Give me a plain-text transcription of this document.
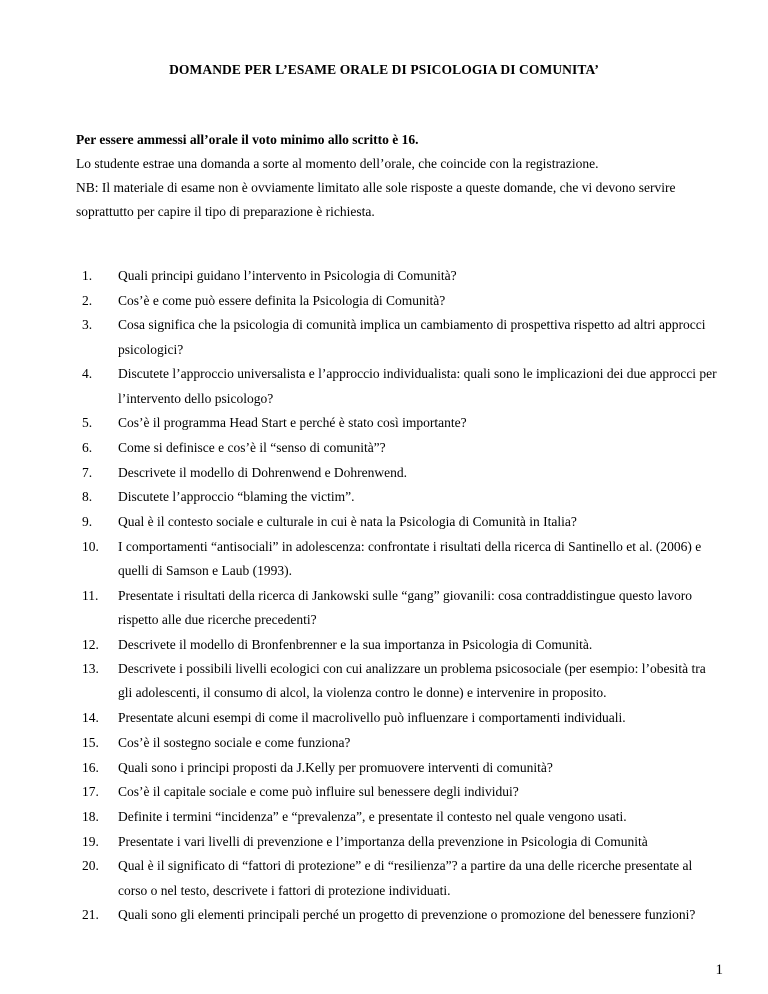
DOMANDE PER L’ESAME ORALE DI PSICOLOGIA DI COMUNITA’

Per essere ammessi all’orale il voto minimo allo scritto è 16.

Lo studente estrae una domanda a sorte al momento dell’orale, che coincide con la registrazione.

NB: Il materiale di esame non è ovviamente limitato alle sole risposte a queste domande, che vi devono servire soprattutto per capire il tipo di preparazione è richiesta.

1.	Quali principi guidano l’intervento in Psicologia di Comunità?
2.	Cos’è e come può essere definita la Psicologia di Comunità?
3.	Cosa significa che la psicologia di comunità implica un cambiamento di prospettiva rispetto ad altri approcci psicologici?
4.	Discutete l’approccio universalista e l’approccio individualista: quali sono le implicazioni dei due approcci per l’intervento dello psicologo?
5.	Cos’è il programma Head Start e perché è stato così importante?
6.	Come si definisce e cos’è il “senso di comunità”?
7.	Descrivete il modello di Dohrenwend e Dohrenwend.
8.	Discutete l’approccio “blaming the victim”.
9.	Qual è il contesto sociale e culturale in cui è nata la Psicologia di Comunità in Italia?
10.	I comportamenti “antisociali” in adolescenza: confrontate i risultati della ricerca di Santinello et al. (2006) e quelli di Samson e Laub (1993).
11.	Presentate i risultati della ricerca di Jankowski sulle “gang” giovanili: cosa contraddistingue questo lavoro rispetto alle due ricerche precedenti?
12.	Descrivete il modello di Bronfenbrenner e la sua importanza in Psicologia di Comunità.
13.	Descrivete i possibili livelli ecologici con cui analizzare un problema psicosociale (per esempio: l’obesità tra gli adolescenti, il consumo di alcol, la violenza contro le donne) e intervenire in proposito.
14.	Presentate alcuni esempi di come il macrolivello può influenzare i comportamenti individuali.
15.	Cos’è il sostegno sociale e come funziona?
16.	Quali sono i principi proposti da J.Kelly per promuovere interventi di comunità?
17.	Cos’è il capitale sociale e come può influire sul benessere degli individui?
18.	Definite i termini “incidenza” e “prevalenza”, e presentate il contesto nel quale vengono usati.
19.	Presentate i vari livelli di prevenzione e l’importanza della prevenzione in Psicologia di Comunità
20.	Qual è il significato di “fattori di protezione” e di “resilienza”? a partire da una delle ricerche presentate al corso o nel testo, descrivete i fattori di protezione individuati.
21.	Quali sono gli elementi principali perché un progetto di prevenzione o promozione del benessere funzioni?
1
